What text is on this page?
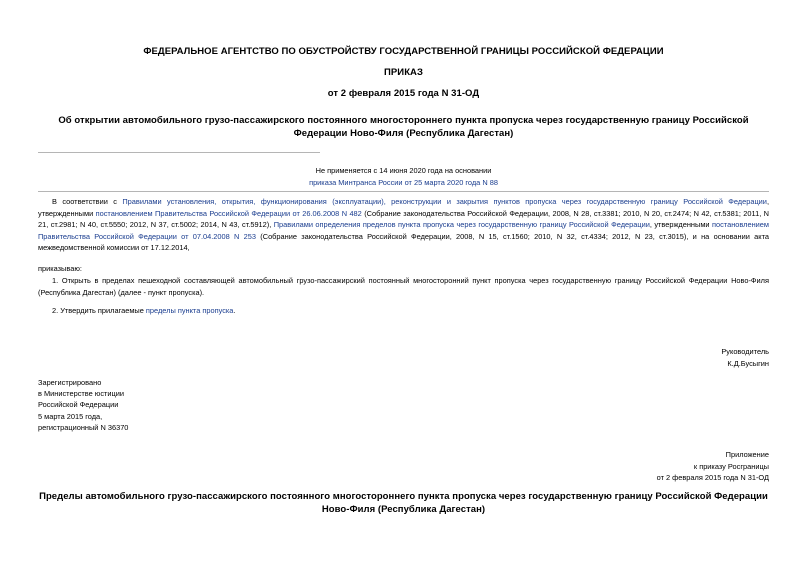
ФЕДЕРАЛЬНОЕ АГЕНТСТВО ПО ОБУСТРОЙСТВУ ГОСУДАРСТВЕННОЙ ГРАНИЦЫ РОССИЙСКОЙ ФЕДЕРАЦИИ
ПРИКАЗ
от 2 февраля 2015 года N 31-ОД
Об открытии автомобильного грузо-пассажирского постоянного многостороннего пункта пропуска через государственную границу Российской Федерации Ново-Филя (Республика Дагестан)
Не применяется с 14 июня 2020 года на основании
приказа Минтранса России от 25 марта 2020 года N 88

В соответствии с Правилами установления, открытия, функционирования (эксплуатации), реконструкции и закрытия пунктов пропуска через государственную границу Российской Федерации, утвержденными постановлением Правительства Российской Федерации от 26.06.2008 N 482 (Собрание законодательства Российской Федерации, 2008, N 28, ст.3381; 2010, N 20, ст.2474; N 42, ст.5381; 2011, N 21, ст.2981; N 40, ст.5550; 2012, N 37, ст.5002; 2014, N 43, ст.5912), Правилами определения пределов пункта пропуска через государственную границу Российской Федерации, утвержденными постановлением Правительства Российской Федерации от 07.04.2008 N 253 (Собрание законодательства Российской Федерации, 2008, N 15, ст.1560; 2010, N 32, ст.4334; 2012, N 23, ст.3015), и на основании акта межведомственной комиссии от 17.12.2014,

приказываю:

1. Открыть в пределах пешеходной составляющей автомобильный грузо-пассажирский постоянный многосторонний пункт пропуска через государственную границу Российской Федерации Ново-Филя (Республика Дагестан) (далее - пункт пропуска).

2. Утвердить прилагаемые пределы пункта пропуска.

Руководитель
К.Д.Бусыгин
Зарегистрировано
в Министерстве юстиции
Российской Федерации
5 марта 2015 года,
регистрационный N 36370
Приложение
к приказу Росграницы
от 2 февраля 2015 года N 31-ОД
Пределы автомобильного грузо-пассажирского постоянного многостороннего пункта пропуска через государственную границу Российской Федерации Ново-Филя (Республика Дагестан)
